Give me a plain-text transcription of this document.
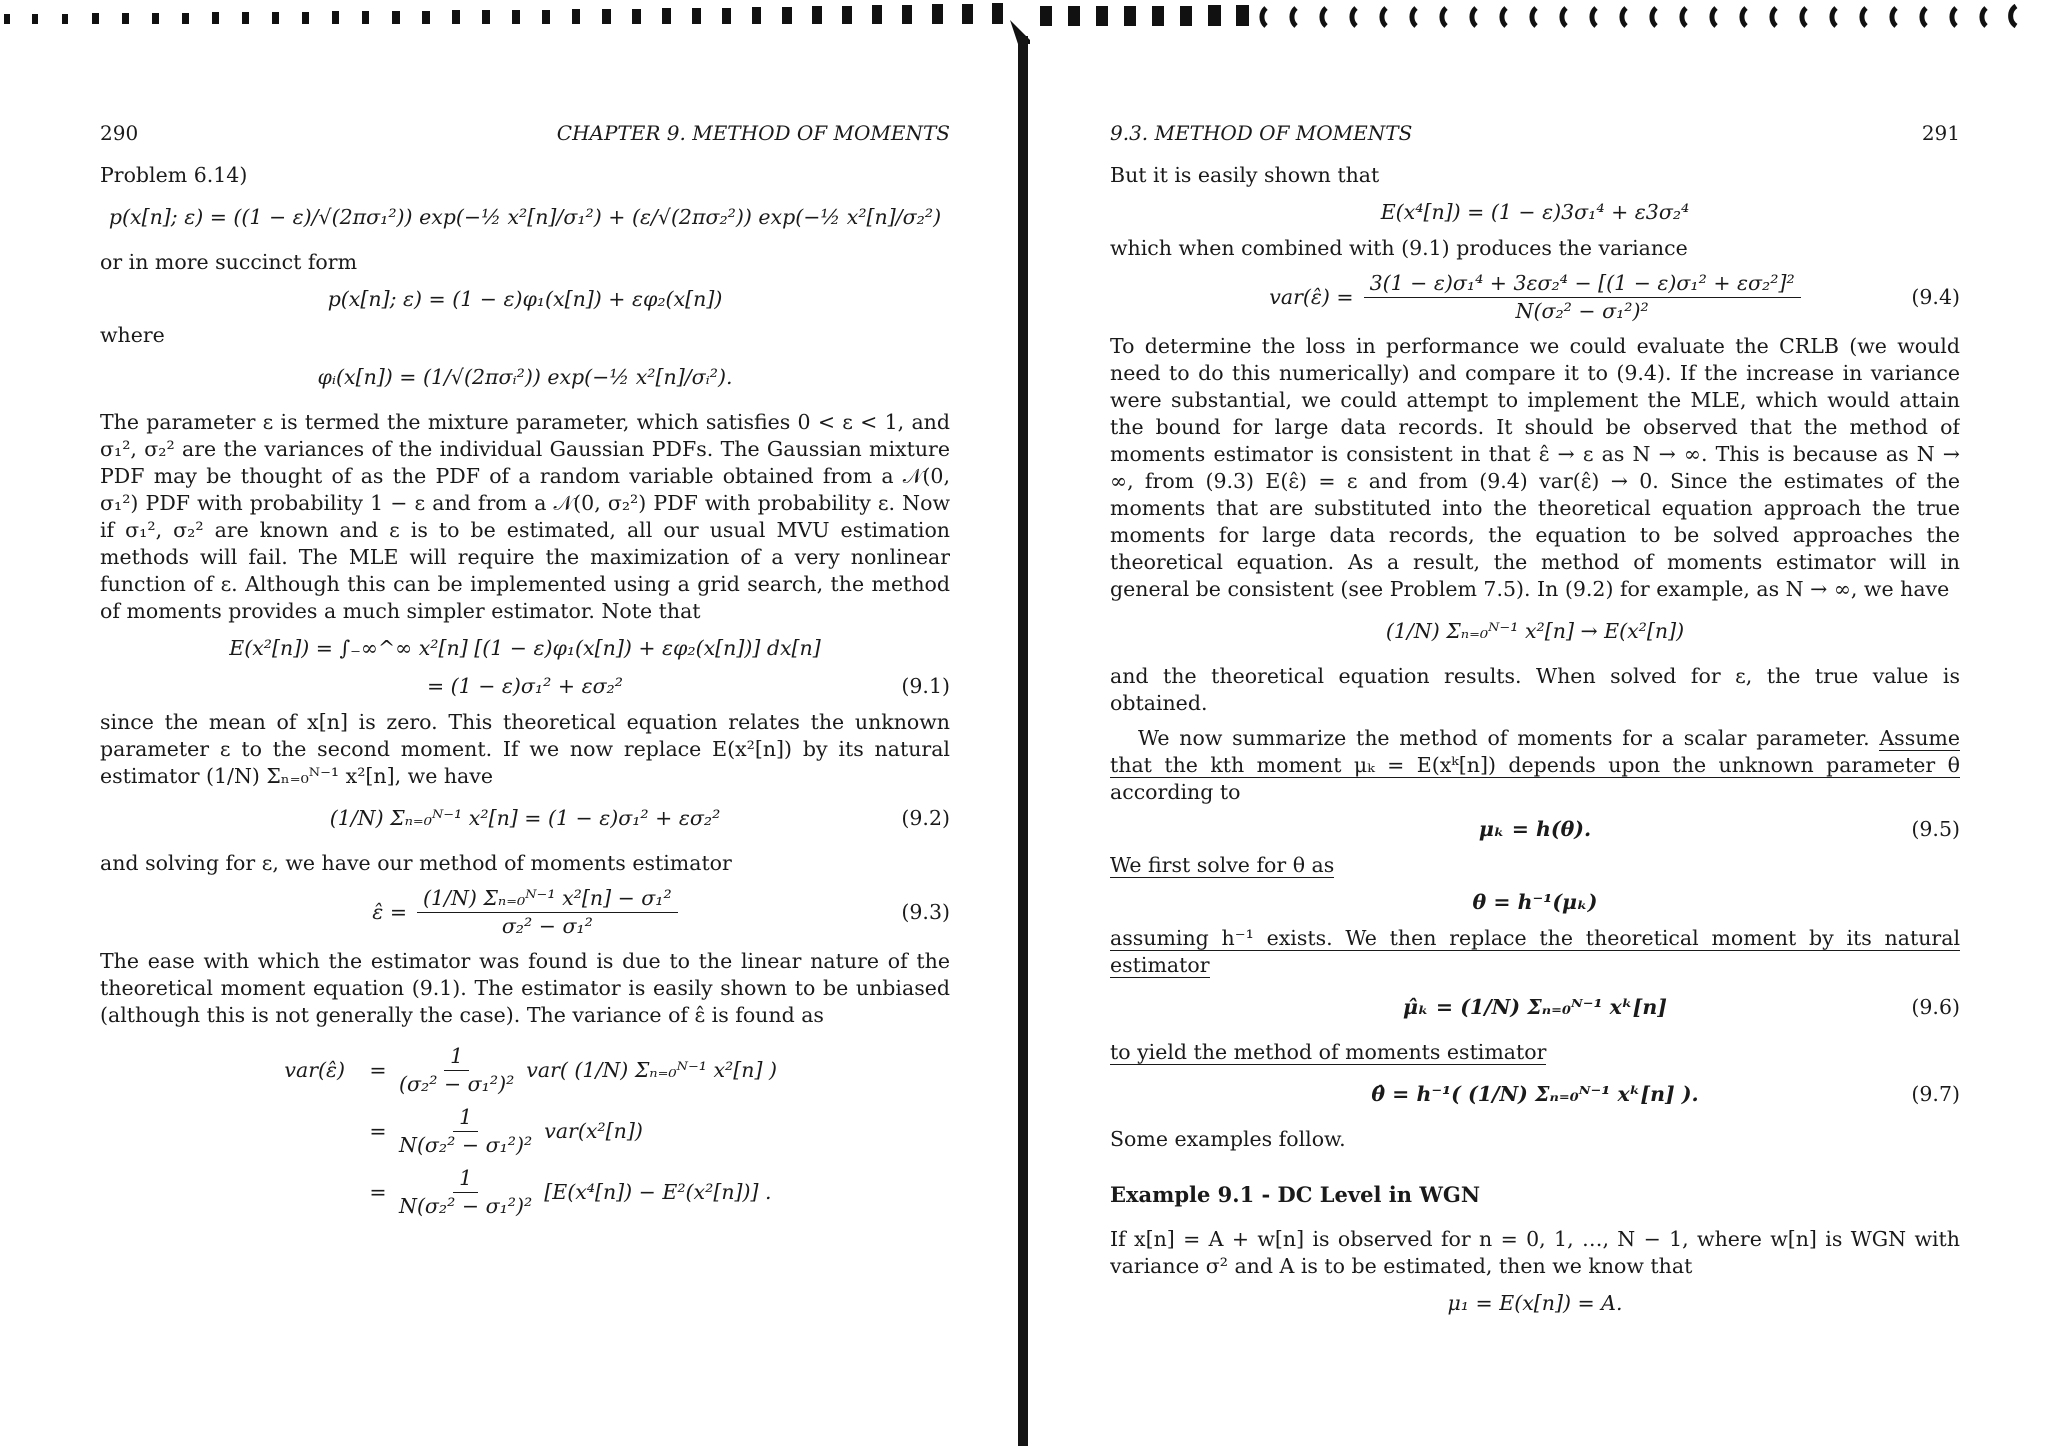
290	CHAPTER 9. METHOD OF MOMENTS

Problem 6.14)

p(x[n]; ε) = ((1 − ε)/√(2πσ₁²)) exp(−½ x²[n]/σ₁²) + (ε/√(2πσ₂²)) exp(−½ x²[n]/σ₂²)

or in more succinct form

p(x[n]; ε) = (1 − ε)φ₁(x[n]) + εφ₂(x[n])

where

φᵢ(x[n]) = (1/√(2πσᵢ²)) exp(−½ x²[n]/σᵢ²).

The parameter ε is termed the mixture parameter, which satisfies 0 < ε < 1, and σ₁², σ₂² are the variances of the individual Gaussian PDFs. The Gaussian mixture PDF may be thought of as the PDF of a random variable obtained from a 𝒩(0, σ₁²) PDF with probability 1 − ε and from a 𝒩(0, σ₂²) PDF with probability ε. Now if σ₁², σ₂² are known and ε is to be estimated, all our usual MVU estimation methods will fail. The MLE will require the maximization of a very nonlinear function of ε. Although this can be implemented using a grid search, the method of moments provides a much simpler estimator. Note that

E(x²[n]) = ∫₋∞^∞ x²[n] [(1 − ε)φ₁(x[n]) + εφ₂(x[n])] dx[n]
= (1 − ε)σ₁² + εσ₂²	(9.1)

since the mean of x[n] is zero. This theoretical equation relates the unknown parameter ε to the second moment. If we now replace E(x²[n]) by its natural estimator (1/N) Σₙ₌₀ᴺ⁻¹ x²[n], we have

(1/N) Σₙ₌₀ᴺ⁻¹ x²[n] = (1 − ε)σ₁² + εσ₂²	(9.2)

and solving for ε, we have our method of moments estimator

ε̂ = $\frac{\text{(1/N) Σₙ₌₀ᴺ⁻¹ x²[n] − σ₁²}}{\text{σ₂² − σ₁²}}$	(9.3)

The ease with which the estimator was found is due to the linear nature of the theoretical moment equation (9.1). The estimator is easily shown to be unbiased (although this is not generally the case). The variance of ε̂ is found as

var(ε̂)	= $\frac{1}{\text{(σ₂² − σ₁²)²}} var$( (1/N) Σₙ₌₀ᴺ⁻¹ x²[n] )
= $\frac{1}{\text{N(σ₂² − σ₁²)²}} var(x^2[n])$
= $\frac{1}{\text{N(σ₂² − σ₁²)²}} [E(x^4[n]) - E^2(x^2[n])]$ .
9.3. METHOD OF MOMENTS	291

But it is easily shown that

E(x⁴[n]) = (1 − ε)3σ₁⁴ + ε3σ₂⁴

which when combined with (9.1) produces the variance

var(ε̂) = $\frac{\text{3(1 − ε)σ₁⁴ + 3εσ₂⁴ − [(1 − ε)σ₁² + εσ₂²]²}}{\text{N(σ₂² − σ₁²)²}}$	(9.4)

To determine the loss in performance we could evaluate the CRLB (we would need to do this numerically) and compare it to (9.4). If the increase in variance were substantial, we could attempt to implement the MLE, which would attain the bound for large data records. It should be observed that the method of moments estimator is consistent in that ε̂ → ε as N → ∞. This is because as N → ∞, from (9.3) E(ε̂) = ε and from (9.4) var(ε̂) → 0. Since the estimates of the moments that are substituted into the theoretical equation approach the true moments for large data records, the equation to be solved approaches the theoretical equation. As a result, the method of moments estimator will in general be consistent (see Problem 7.5). In (9.2) for example, as N → ∞, we have

(1/N) Σₙ₌₀ᴺ⁻¹ x²[n] → E(x²[n])

and the theoretical equation results. When solved for ε, the true value is obtained.

We now summarize the method of moments for a scalar parameter. Assume that the kth moment μₖ = E(xᵏ[n]) depends upon the unknown parameter θ according to

μₖ = h(θ).	(9.5)

We first solve for θ as

θ = h⁻¹(μₖ)

assuming h⁻¹ exists. We then replace the theoretical moment by its natural estimator

μ̂ₖ = (1/N) Σₙ₌₀ᴺ⁻¹ xᵏ[n]	(9.6)

to yield the method of moments estimator

θ̂ = h⁻¹( (1/N) Σₙ₌₀ᴺ⁻¹ xᵏ[n] ).	(9.7)

Some examples follow.

Example 9.1 - DC Level in WGN

If x[n] = A + w[n] is observed for n = 0, 1, …, N − 1, where w[n] is WGN with variance σ² and A is to be estimated, then we know that

μ₁ = E(x[n]) = A.
